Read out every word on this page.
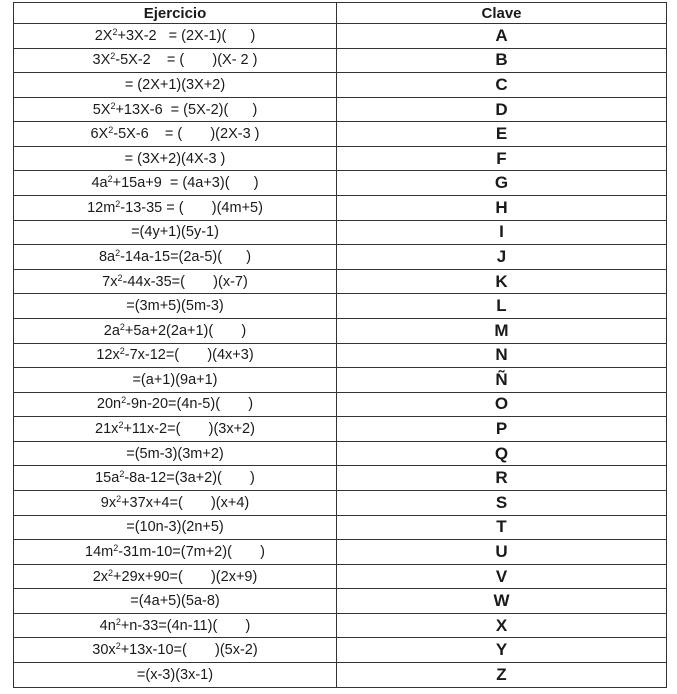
Ejercicio	Clave
$2X^2+3X-2 = (2X-1)$(      )	A
$3X^2-5X-2$    = (       )(X- 2 )	B
= (2X+1)(3X+2)	C
$5X^2+13X-6 = (5X-2)$(      )	D
$6X^2-5X-6$    = (       )(2X-3 )	E
= (3X+2)(4X-3 )	F
$4a^2+15a+9 = (4a+3)$(      )	G
$12m^2-13-35$ = (       )(4m+5)	H
=(4y+1)(5y-1)	I
$8a^2-14a-15=(2a-5)$(      )	J
$7x^2-44x-35=$(       )(x-7)	K
=(3m+5)(5m-3)	L
$2a^2+5a+2(2a+1)$(       )	M
$12x^2-7x-12=$(       )(4x+3)	N
=(a+1)(9a+1)	Ñ
$20n^2-9n-20=(4n-5)$(       )	O
$21x^2+11x-2=$(       )(3x+2)	P
=(5m-3)(3m+2)	Q
$15a^2-8a-12=(3a+2)$(       )	R
$9x^2+37x+4=$(       )(x+4)	S
=(10n-3)(2n+5)	T
$14m^2-31m-10=(7m+2)$(       )	U
$2x^2+29x+90=$(       )(2x+9)	V
=(4a+5)(5a-8)	W
$4n^2+n-33=(4n-11)$(       )	X
$30x^2+13x-10=$(       )(5x-2)	Y
=(x-3)(3x-1)	Z
